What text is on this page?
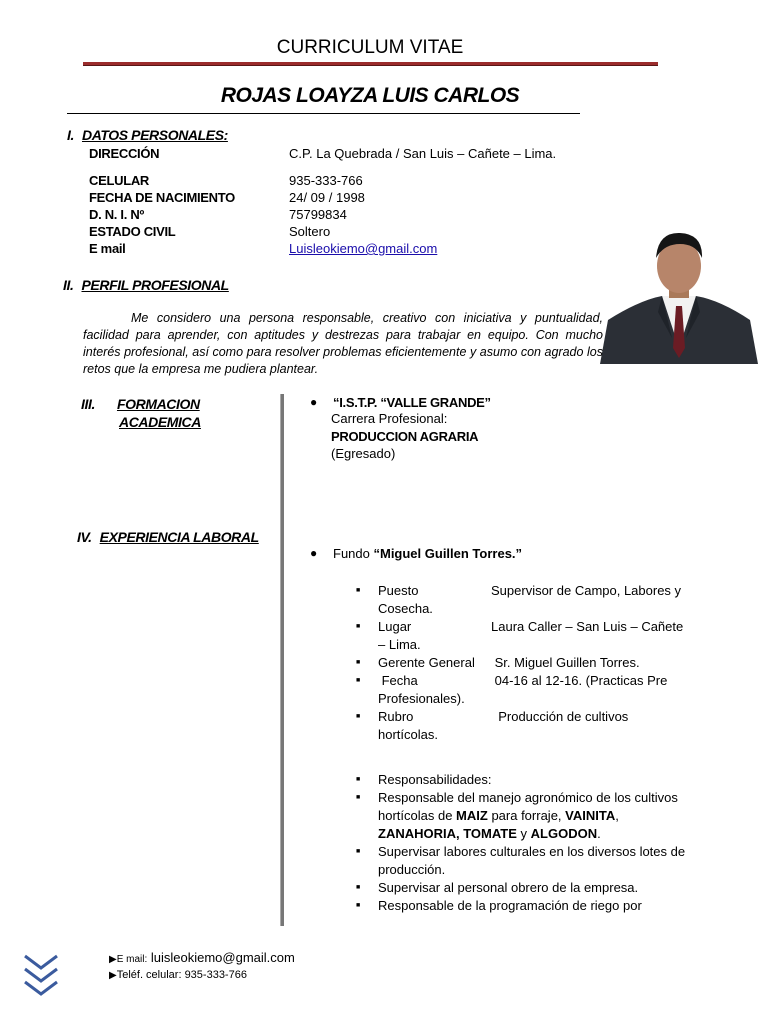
CURRICULUM VITAE
ROJAS LOAYZA LUIS CARLOS
I. DATOS PERSONALES:
DIRECCIÓN	C.P. La Quebrada / San Luis – Cañete – Lima.
CELULAR	935-333-766
FECHA DE NACIMIENTO	24/ 09 / 1998
D. N. I. Nº	75799834
ESTADO CIVIL	Soltero
E mail	Luisleokiemo@gmail.com
II. PERFIL PROFESIONAL
Me considero una persona responsable, creativo con iniciativa y puntualidad, facilidad para aprender, con aptitudes y destrezas para trabajar en equipo. Con mucho interés profesional, así como para resolver problemas eficientemente y asumo con agrado los retos que la empresa me pudiera plantear.
III. FORMACION
ACADEMICA
● “I.S.T.P. “VALLE GRANDE”
Carrera Profesional:
PRODUCCION AGRARIA
(Egresado)
IV. EXPERIENCIA LABORAL
● Fundo “Miguel Guillen Torres.”
■ Puesto	Supervisor de Campo, Labores y
Cosecha.
■ Lugar	Laura Caller – San Luis – Cañete
– Lima.
■ Gerente General	Sr. Miguel Guillen Torres.
■  Fecha	04-16 al 12-16. (Practicas Pre
Profesionales).
■ Rubro	Producción de cultivos
hortícolas.
■ Responsabilidades:
■ Responsable del manejo agronómico de los cultivos hortícolas de MAIZ para forraje, VAINITA, ZANAHORIA, TOMATE y ALGODON.
■ Supervisar labores culturales en los diversos lotes de producción.
■ Supervisar al personal obrero de la empresa.
■ Responsable de la programación de riego por
▶E mail: luisleokiemo@gmail.com
▶Teléf. celular: 935-333-766
